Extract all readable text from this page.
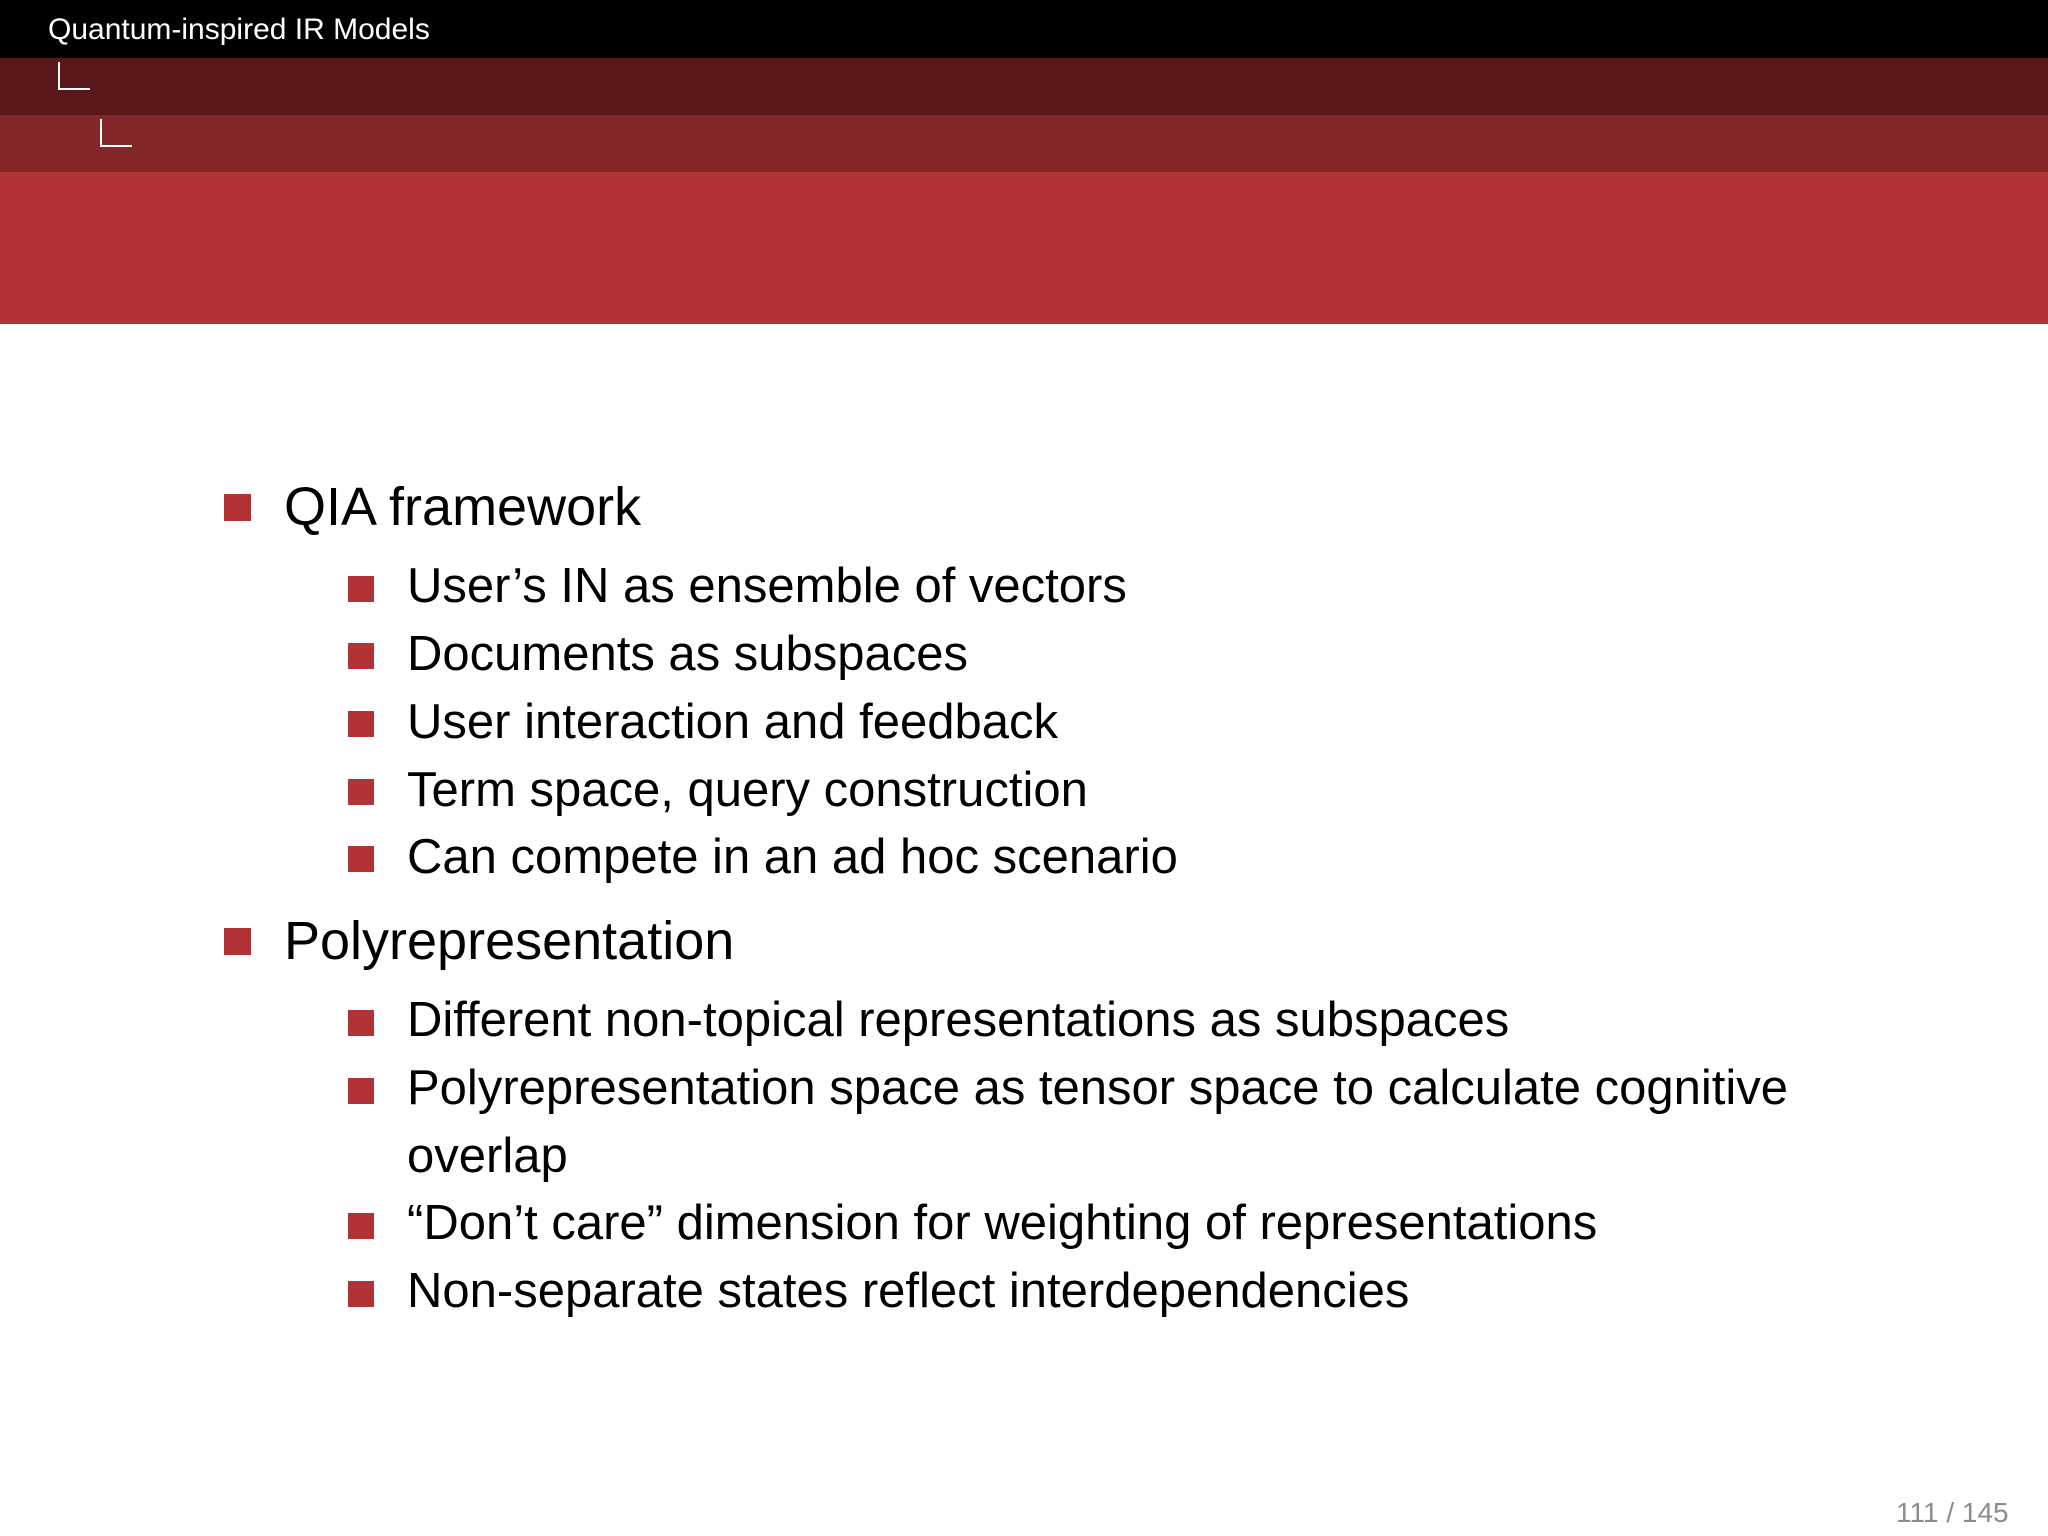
Quantum-inspired IR Models
QIA Conclusion
QIA framework
User’s IN as ensemble of vectors
Documents as subspaces
User interaction and feedback
Term space, query construction
Can compete in an ad hoc scenario
Polyrepresentation
Different non-topical representations as subspaces
Polyrepresentation space as tensor space to calculate cognitive
overlap
“Don’t care” dimension for weighting of representations
Non-separate states reflect interdependencies
111 / 145
